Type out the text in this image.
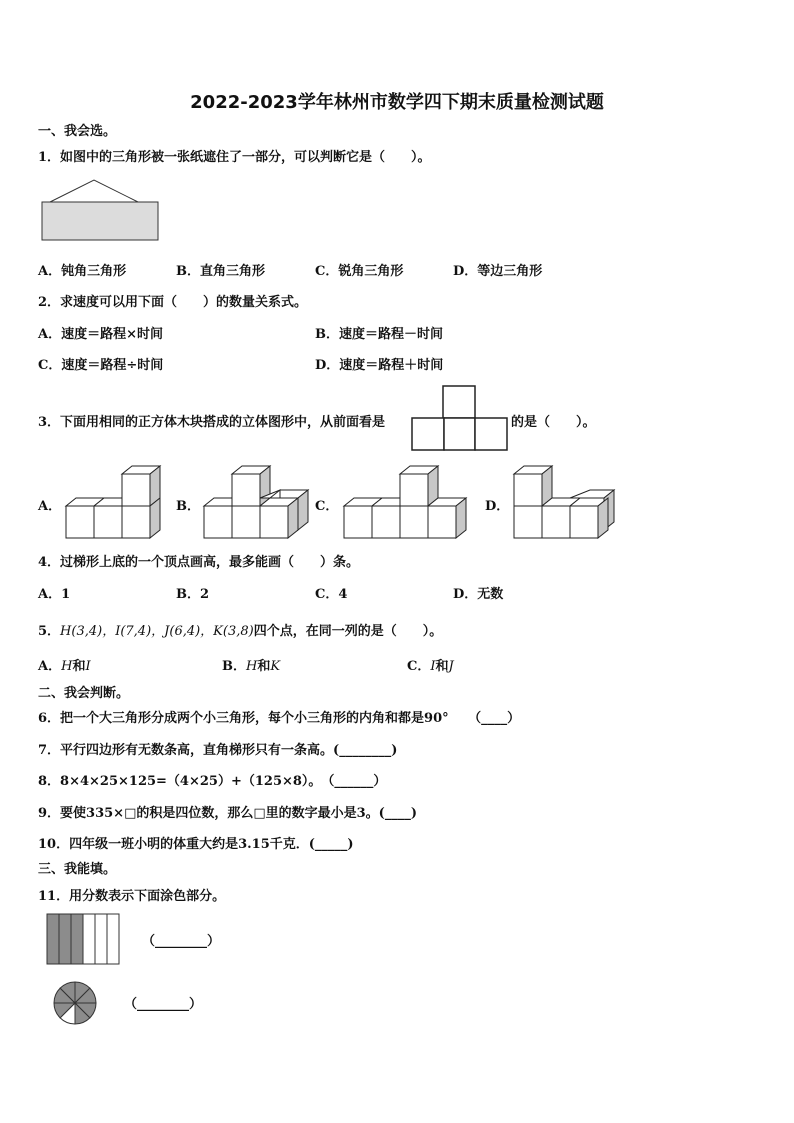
2022-2023学年林州市数学四下期末质量检测试题
一、我会选。
1．如图中的三角形被一张纸遮住了一部分，可以判断它是（　　）。
A．钝角三角形	B．直角三角形	C．锐角三角形	D．等边三角形
2．求速度可以用下面（　　）的数量关系式。
A．速度＝路程×时间	B．速度＝路程－时间
C．速度＝路程÷时间	D．速度＝路程＋时间
3．下面用相同的正方体木块搭成的立体图形中，从前面看是	的是（　　）。
A．	B．	C．	D．
4．过梯形上底的一个顶点画高，最多能画（　　）条。
A．1	B．2	C．4	D．无数
5．H(3,4)，I(7,4)，J(6,4)，K(3,8)四个点，在同一列的是（　　）。
A．H和I	B．H和K	C．I和J
二、我会判断。
6．把一个大三角形分成两个小三角形，每个小三角形的内角和都是90°　　（____）
7．平行四边形有无数条高，直角梯形只有一条高。(________)
8．8×4×25×125=（4×25）+（125×8）。　（______）
9．要使335×□的积是四位数，那么□里的数字最小是3。(____)
10．四年级一班小明的体重大约是3.15千克．(_____)
三、我能填。
11．用分数表示下面涂色部分。
（________）
（________）
